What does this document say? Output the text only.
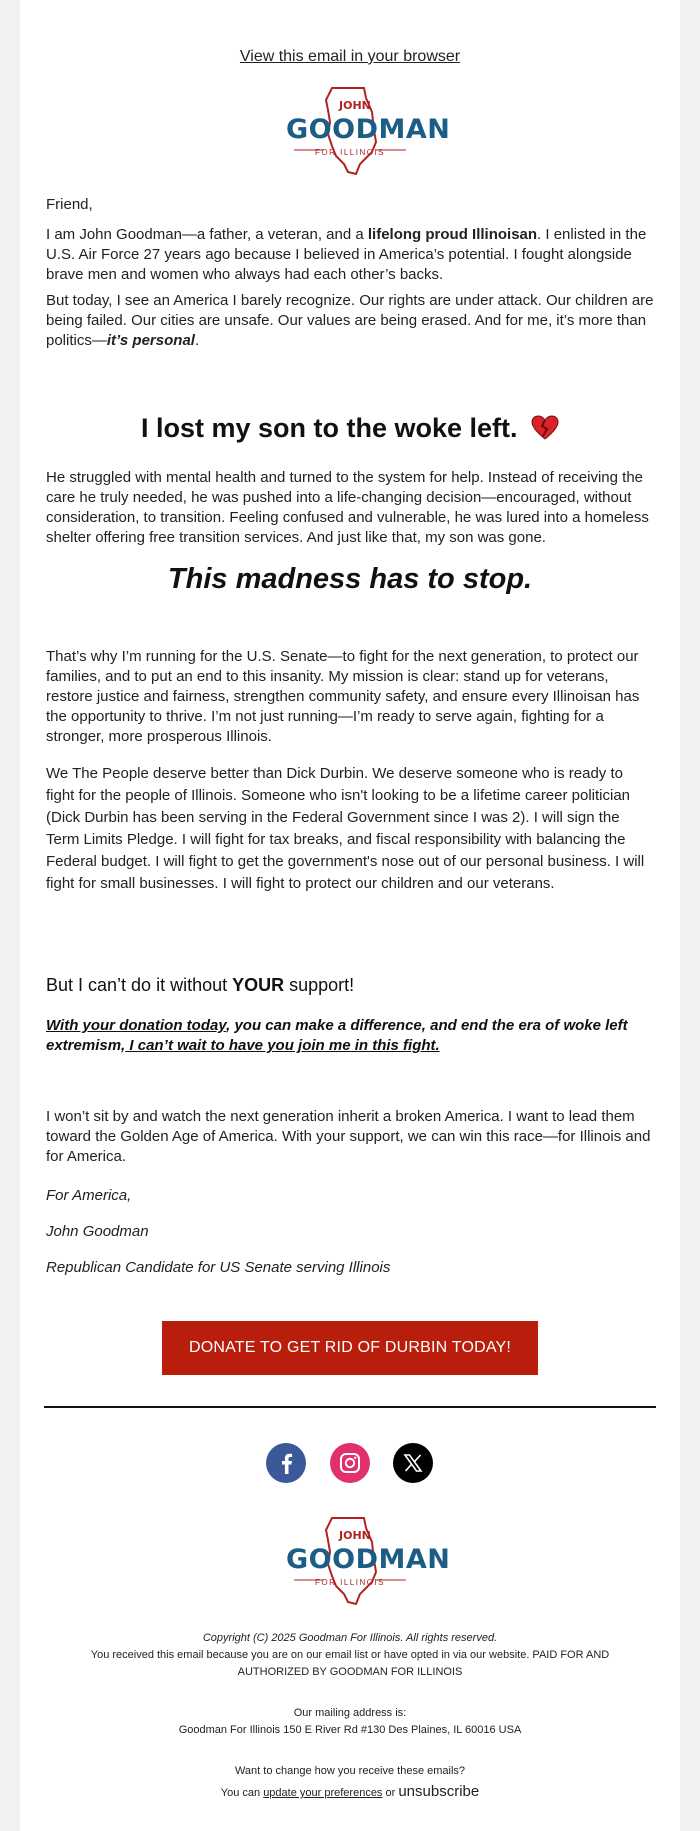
View this email in your browser
JOHN
GOODMAN
FOR ILLINOIS

Friend,

I am John Goodman—a father, a veteran, and a lifelong proud Illinoisan. I enlisted in the U.S. Air Force 27 years ago because I believed in America’s potential. I fought alongside brave men and women who always had each other’s backs.

But today, I see an America I barely recognize. Our rights are under attack. Our children are being failed. Our cities are unsafe. Our values are being erased. And for me, it’s more than politics—it’s personal.

I lost my son to the woke left.

He struggled with mental health and turned to the system for help. Instead of receiving the care he truly needed, he was pushed into a life-changing decision—encouraged, without consideration, to transition. Feeling confused and vulnerable, he was lured into a homeless shelter offering free transition services. And just like that, my son was gone.

This madness has to stop.

That’s why I’m running for the U.S. Senate—to fight for the next generation, to protect our families, and to put an end to this insanity. My mission is clear: stand up for veterans, restore justice and fairness, strengthen community safety, and ensure every Illinoisan has the opportunity to thrive. I’m not just running—I’m ready to serve again, fighting for a stronger, more prosperous Illinois.

We The People deserve better than Dick Durbin. We deserve someone who is ready to fight for the people of Illinois. Someone who isn't looking to be a lifetime career politician (Dick Durbin has been serving in the Federal Government since I was 2). I will sign the Term Limits Pledge. I will fight for tax breaks, and fiscal responsibility with balancing the Federal budget. I will fight to get the government's nose out of our personal business. I will fight for small businesses. I will fight to protect our children and our veterans.

But I can’t do it without YOUR support!
With your donation today, you can make a difference, and end the era of woke left extremism, I can’t wait to have you join me in this fight.

I won’t sit by and watch the next generation inherit a broken America. I want to lead them toward the Golden Age of America. With your support, we can win this race—for Illinois and for America.

For America,
John Goodman
Republican Candidate for US Senate serving Illinois
DONATE TO GET RID OF DURBIN TODAY!
JOHN
GOODMAN
FOR ILLINOIS
Copyright (C) 2025 Goodman For Illinois. All rights reserved.
You received this email because you are on our email list or have opted in via our website. PAID FOR AND AUTHORIZED BY GOODMAN FOR ILLINOIS
Our mailing address is:
Goodman For Illinois 150 E River Rd #130 Des Plaines, IL 60016 USA
Want to change how you receive these emails?
You can update your preferences or unsubscribe
